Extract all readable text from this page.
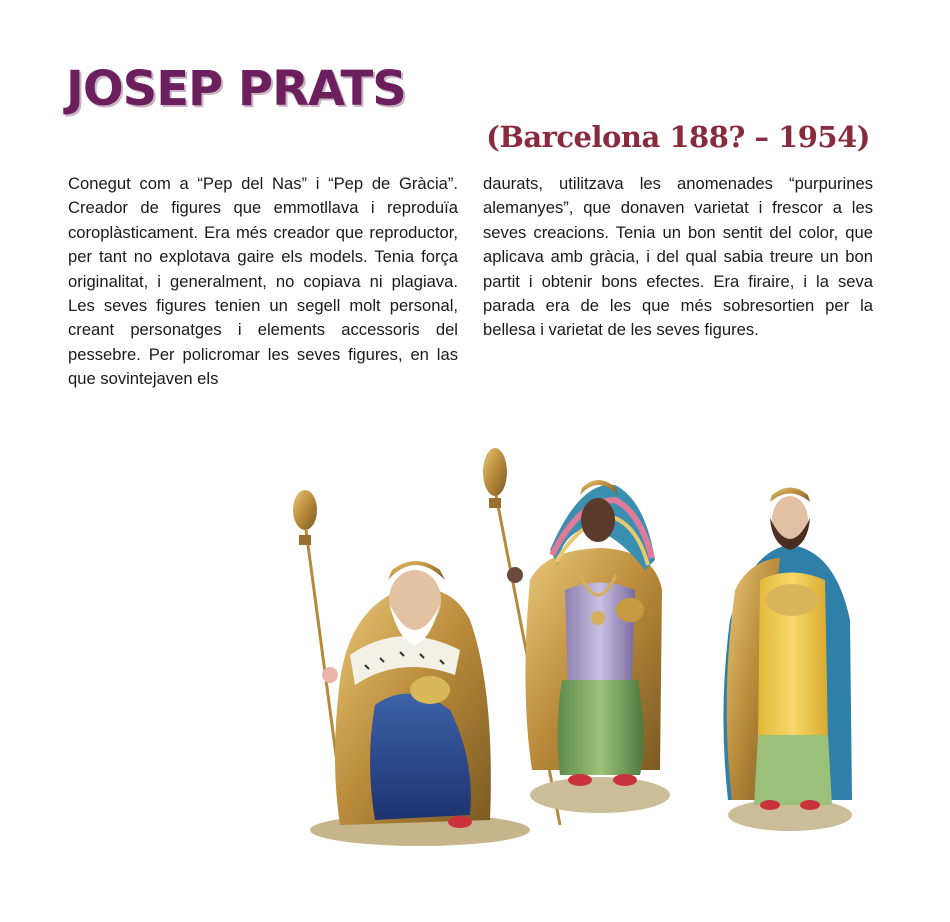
JOSEP PRATS
(Barcelona 188? – 1954)

Conegut com a “Pep del Nas” i “Pep de Gràcia”. Creador de figures que emmotllava i reproduïa coroplàsticament. Era més creador que reproductor, per tant no explotava gaire els models. Tenia força originalitat, i generalment, no copiava ni plagiava. Les seves figures tenien un segell molt personal, creant personatges i elements accessoris del pessebre. Per policromar les seves figures, en las que sovintejaven els

daurats, utilitzava les anomenades “purpurines alemanyes”, que donaven varietat i frescor a les seves creacions. Tenia un bon sentit del color, que aplicava amb gràcia, i del qual sabia treure un bon partit i obtenir bons efectes. Era firaire, i la seva parada era de les que més sobresortien per la bellesa i varietat de les seves figures.
